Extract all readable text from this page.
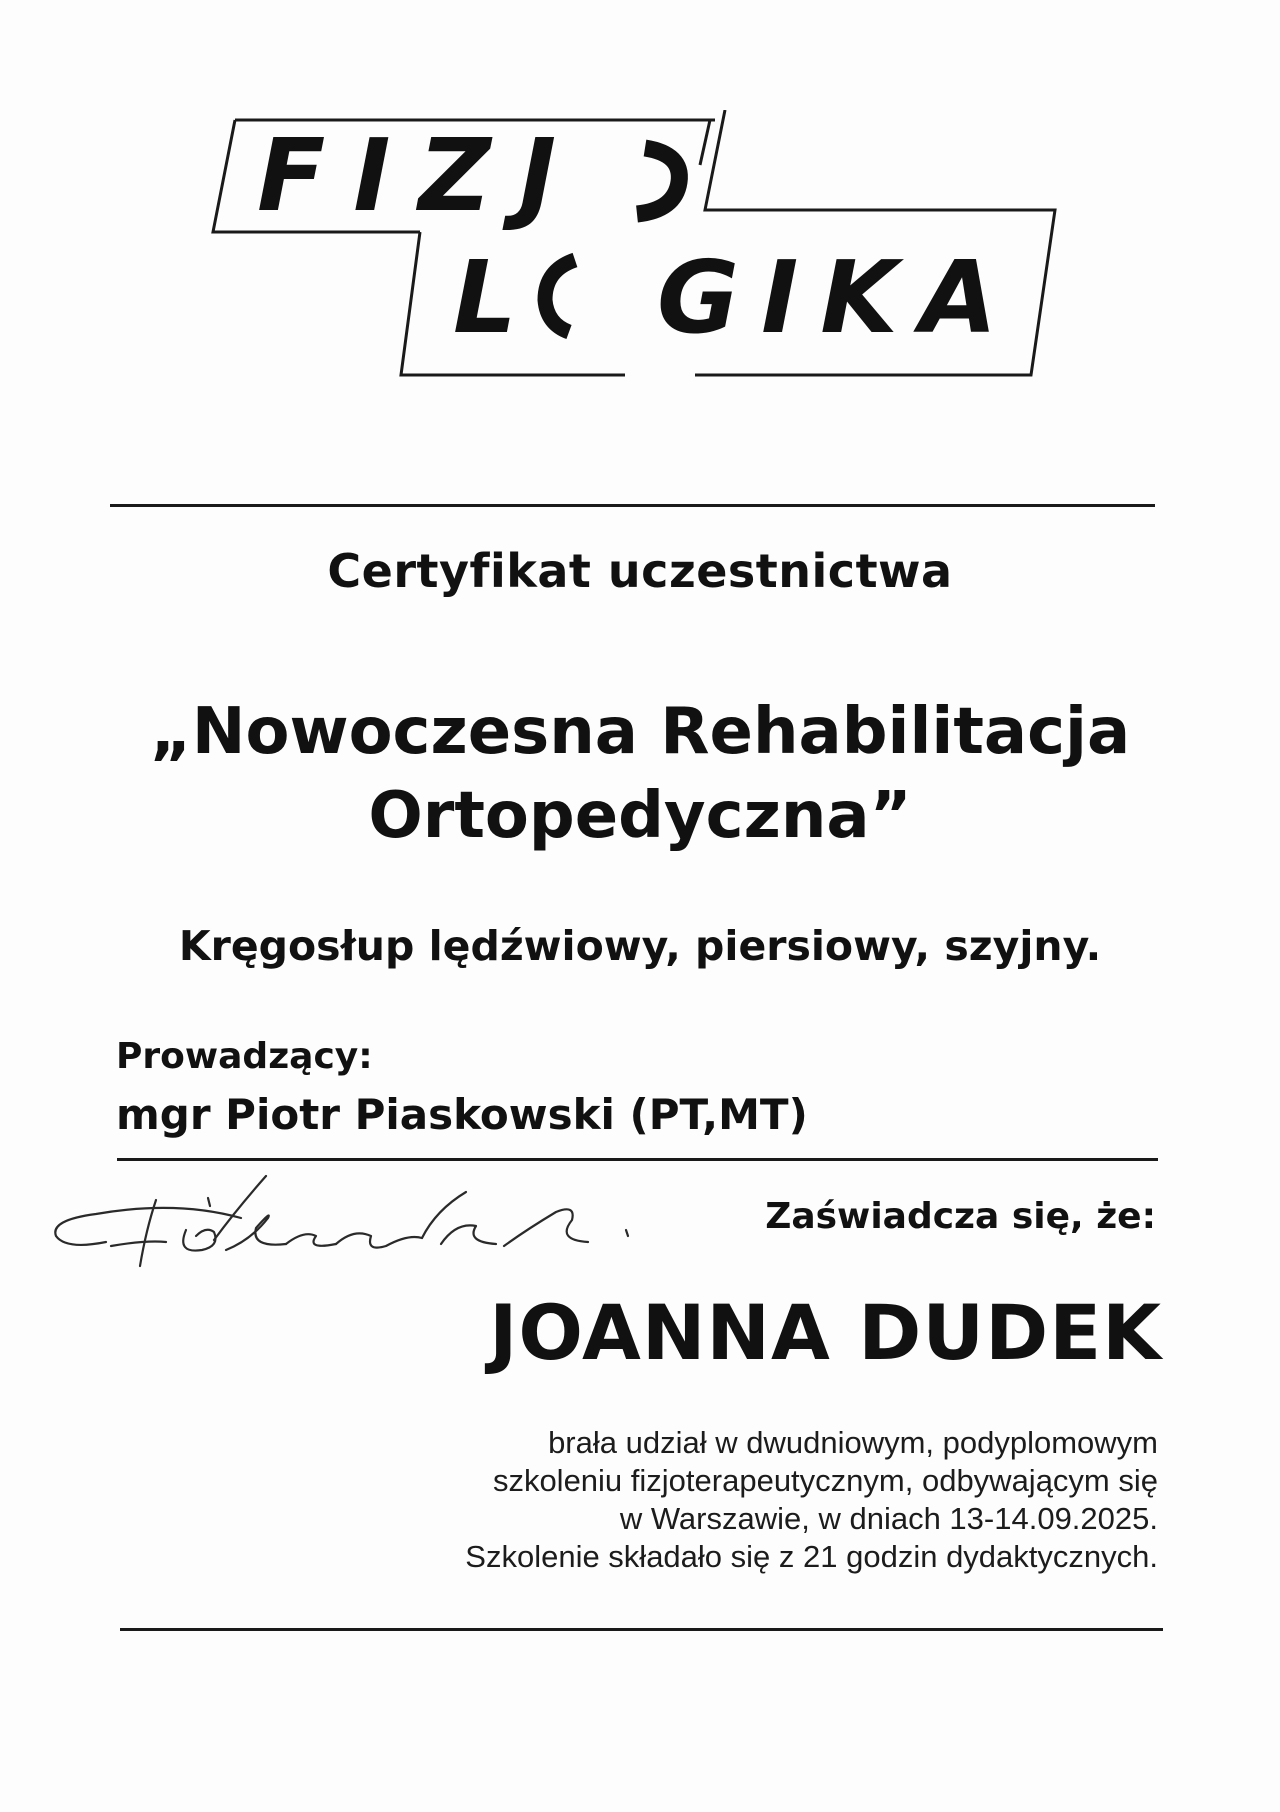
FIZJ
L GIKA
Certyfikat uczestnictwa
„Nowoczesna Rehabilitacja
Ortopedyczna”
Kręgosłup lędźwiowy, piersiowy, szyjny.
Prowadzący:
mgr Piotr Piaskowski (PT,MT)
Zaświadcza się, że:
JOANNA DUDEK
brała udział w dwudniowym, podyplomowym
szkoleniu fizjoterapeutycznym, odbywającym się
w Warszawie, w dniach 13-14.09.2025.
Szkolenie składało się z 21 godzin dydaktycznych.
